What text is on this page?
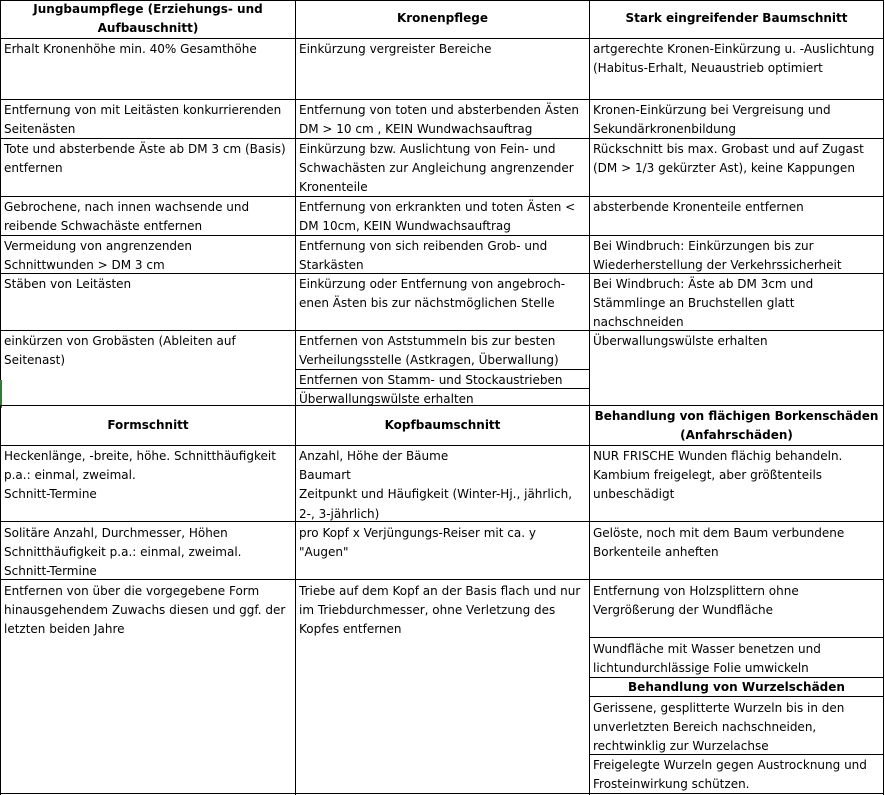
Jungbaumpflege (Erziehungs- und
Aufbauschnitt)
Kronenpflege	Stark eingreifender Baumschnitt
Erhalt Kronenhöhe min. 40% Gesamthöhe
Entfernung von mit Leitästen konkurrierenden
Seitenästen
Tote und absterbende Äste ab DM 3 cm (Basis)
entfernen
Gebrochene, nach innen wachsende und
reibende Schwachäste entfernen
Vermeidung von angrenzenden
Schnittwunden > DM 3 cm
Stäben von Leitästen
einkürzen von Grobästen (Ableiten auf
Seitenast)
Einkürzung vergreister Bereiche
Entfernung von toten und absterbenden Ästen
DM > 10 cm , KEIN Wundwachsauftrag
Einkürzung bzw. Auslichtung von Fein- und
Schwachästen zur Angleichung angrenzender
Kronenteile
Entfernung von erkrankten und toten Ästen <
DM 10cm, KEIN Wundwachsauftrag
Entfernung von sich reibenden Grob- und
Starkästen
Einkürzung oder Entfernung von angebroch-
enen Ästen bis zur nächstmöglichen Stelle
Entfernen von Aststummeln bis zur besten
Verheilungsstelle (Astkragen, Überwallung)
Entfernen von Stamm- und Stockaustrieben
Überwallungswülste erhalten
artgerechte Kronen-Einkürzung u. -Auslichtung
(Habitus-Erhalt, Neuaustrieb optimiert
Kronen-Einkürzung bei Vergreisung und
Sekundärkronenbildung
Rückschnitt bis max. Grobast und auf Zugast
(DM > 1/3 gekürzter Ast), keine Kappungen
absterbende Kronenteile entfernen
Bei Windbruch: Einkürzungen bis zur
Wiederherstellung der Verkehrssicherheit
Bei Windbruch: Äste ab DM 3cm und
Stämmlinge an Bruchstellen glatt
nachschneiden
Überwallungswülste erhalten
Formschnitt	Kopfbaumschnitt
Behandlung von flächigen Borkenschäden
(Anfahrschäden)
Heckenlänge, -breite, höhe. Schnitthäufigkeit
p.a.: einmal, zweimal.
Schnitt-Termine
Solitäre Anzahl, Durchmesser, Höhen
Schnitthäufigkeit p.a.: einmal, zweimal.
Schnitt-Termine
Entfernen von über die vorgegebene Form
hinausgehendem Zuwachs diesen und ggf. der
letzten beiden Jahre
Anzahl, Höhe der Bäume
Baumart
Zeitpunkt und Häufigkeit (Winter-Hj., jährlich,
2-, 3-jährlich)
pro Kopf x Verjüngungs-Reiser mit ca. y
"Augen"
Triebe auf dem Kopf an der Basis flach und nur
im Triebdurchmesser, ohne Verletzung des
Kopfes entfernen
NUR FRISCHE Wunden flächig behandeln.
Kambium freigelegt, aber größtenteils
unbeschädigt
Gelöste, noch mit dem Baum verbundene
Borkenteile anheften
Entfernung von Holzsplittern ohne
Vergrößerung der Wundfläche
Wundfläche mit Wasser benetzen und
lichtundurchlässige Folie umwickeln
Behandlung von Wurzelschäden
Gerissene, gesplitterte Wurzeln bis in den
unverletzten Bereich nachschneiden,
rechtwinklig zur Wurzelachse
Freigelegte Wurzeln gegen Austrocknung und
Frosteinwirkung schützen.
